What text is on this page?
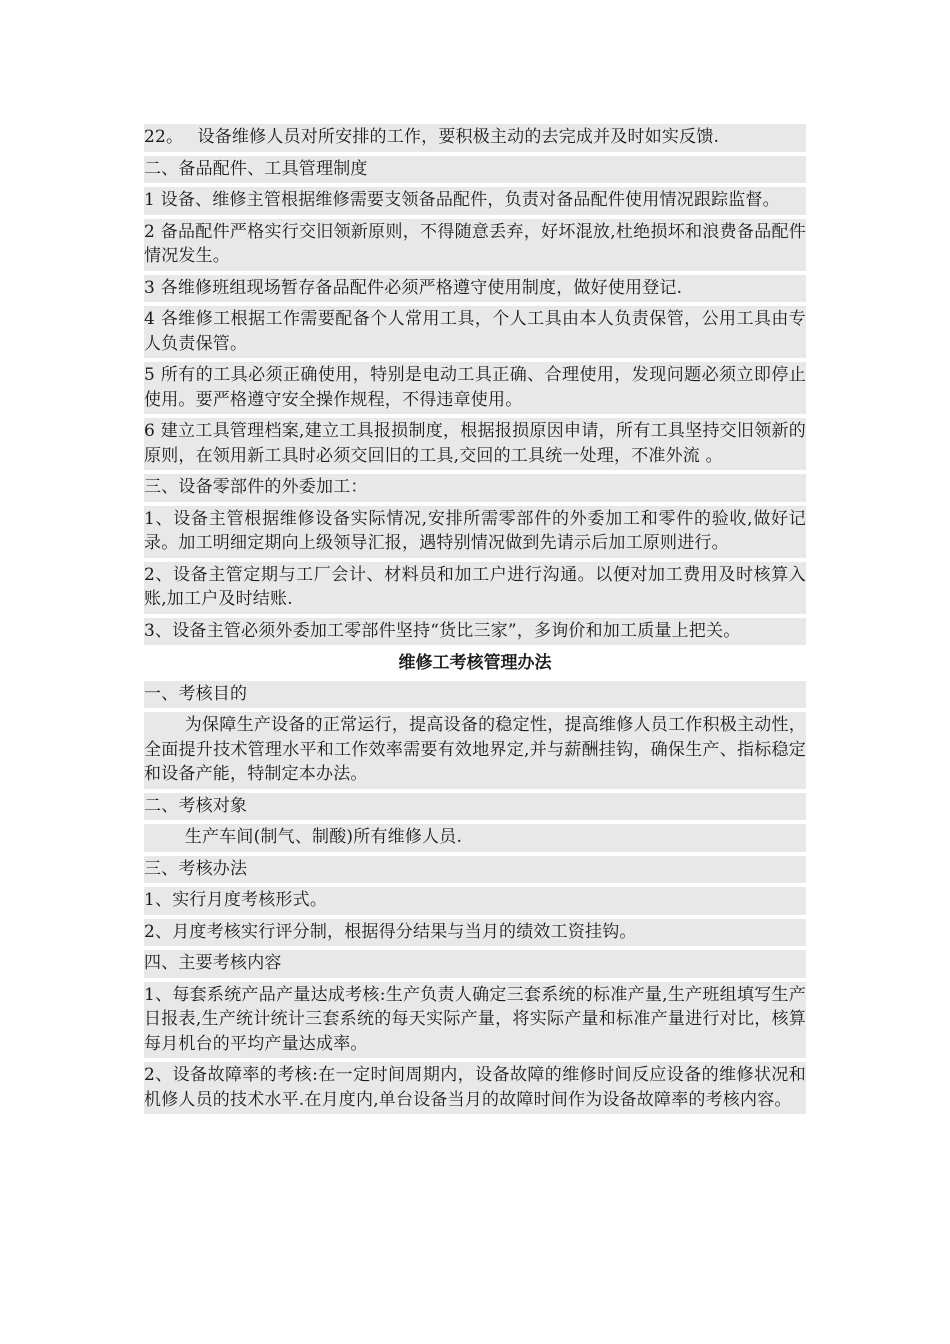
22。　 设备维修人员对所安排的工作，要积极主动的去完成并及时如实反馈.
二、备品配件、工具管理制度
1 设备、维修主管根据维修需要支领备品配件，负责对备品配件使用情况跟踪监督。
2 备品配件严格实行交旧领新原则，不得随意丢弃，好坏混放,杜绝损坏和浪费备品配件情况发生。
3 各维修班组现场暂存备品配件必须严格遵守使用制度，做好使用登记.
4 各维修工根据工作需要配备个人常用工具，个人工具由本人负责保管，公用工具由专人负责保管。
5 所有的工具必须正确使用，特别是电动工具正确、合理使用，发现问题必须立即停止使用。要严格遵守安全操作规程，不得违章使用。
6 建立工具管理档案,建立工具报损制度，根据报损原因申请，所有工具坚持交旧领新的原则，在领用新工具时必须交回旧的工具,交回的工具统一处理，不准外流 。
三、设备零部件的外委加工：
1、设备主管根据维修设备实际情况,安排所需零部件的外委加工和零件的验收,做好记录。加工明细定期向上级领导汇报，遇特别情况做到先请示后加工原则进行。
2、设备主管定期与工厂会计、材料员和加工户进行沟通。以便对加工费用及时核算入账,加工户及时结账.
3、设备主管必须外委加工零部件坚持“货比三家”，多询价和加工质量上把关。
维修工考核管理办法
一、考核目的
为保障生产设备的正常运行，提高设备的稳定性，提高维修人员工作积极主动性，全面提升技术管理水平和工作效率需要有效地界定,并与薪酬挂钩，确保生产、指标稳定和设备产能，特制定本办法。
二、考核对象
生产车间(制气、制酸)所有维修人员.
三、考核办法
1、实行月度考核形式。
2、月度考核实行评分制，根据得分结果与当月的绩效工资挂钩。
四、主要考核内容
1、每套系统产品产量达成考核:生产负责人确定三套系统的标准产量,生产班组填写生产日报表,生产统计统计三套系统的每天实际产量，将实际产量和标准产量进行对比，核算每月机台的平均产量达成率。
2、设备故障率的考核:在一定时间周期内，设备故障的维修时间反应设备的维修状况和机修人员的技术水平.在月度内,单台设备当月的故障时间作为设备故障率的考核内容。
